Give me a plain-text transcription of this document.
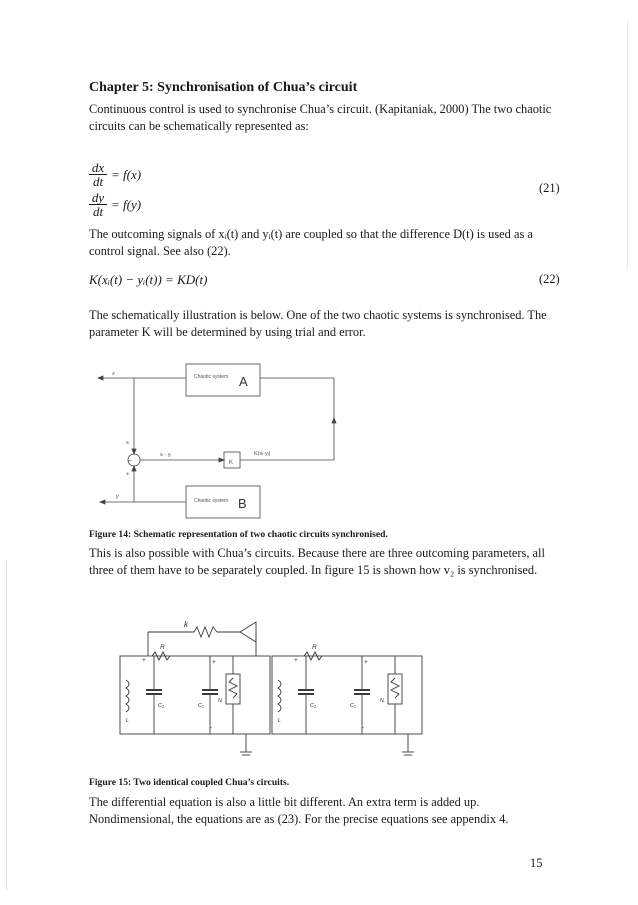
Chapter 5: Synchronisation of Chua’s circuit
Continuous control is used to synchronise Chua’s circuit. (Kapitaniak, 2000) The two chaotic circuits can be schematically represented as:
$\frac{dx}{dt} = f(x)$
$\frac{dy}{dt} = f(y)$
(21)
The outcoming signals of xᵢ(t) and yᵢ(t) are coupled so that the difference D(t) is used as a control signal. See also (22).
K(xᵢ(t) − yᵢ(t)) = KD(t)	(22)
The schematically illustration is below. One of the two chaotic systems is synchronised. The parameter K will be determined by using trial and error.
x
xᵢ
−
+
y
xᵢ - yᵢ	K(xᵢ-yᵢ)
K
Chaotic system A
Chaotic system B
Figure 14: Schematic representation of two chaotic circuits synchronised.
This is also possible with Chua’s circuits. Because there are three outcoming parameters, all three of them have to be separately coupled. In figure 15 is shown how v₂ is synchronised.
k
R	R
+	+	+	+
C₂	C₁	C₂	C₁
Nᵣ	Nᵣ
L	L
-	-
Figure 15: Two identical coupled Chua’s circuits.
The differential equation is also a little bit different. An extra term is added up. Nondimensional, the equations are as (23). For the precise equations see appendix 4.
15
